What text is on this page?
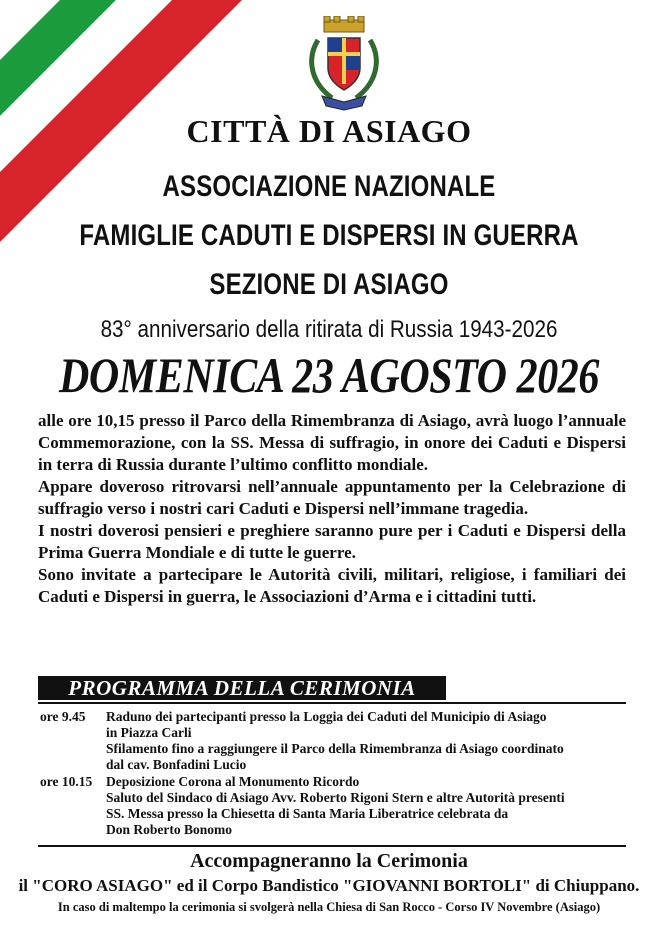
CITTÀ DI ASIAGO
ASSOCIAZIONE NAZIONALE
FAMIGLIE CADUTI E DISPERSI IN GUERRA
SEZIONE DI ASIAGO
83° anniversario della ritirata di Russia 1943-2026
DOMENICA 23 AGOSTO 2026

alle ore 10,15 presso il Parco della Rimembranza di Asiago, avrà luogo l’annuale Commemorazione, con la SS. Messa di suffragio, in onore dei Caduti e Dispersi in terra di Russia durante l’ultimo conflitto mondiale.

Appare doveroso ritrovarsi nell’annuale appuntamento per la Celebrazione di suffragio verso i nostri cari Caduti e Dispersi nell’immane tragedia.

I nostri doverosi pensieri e preghiere saranno pure per i Caduti e Dispersi della Prima Guerra Mondiale e di tutte le guerre.

Sono invitate a partecipare le Autorità civili, militari, religiose, i familiari dei Caduti e Dispersi in guerra, le Associazioni d’Arma e i cittadini tutti.

PROGRAMMA DELLA CERIMONIA
ore 9.45	Raduno dei partecipanti presso la Loggia dei Caduti del Municipio di Asiago
in Piazza Carli
Sfilamento fino a raggiungere il Parco della Rimembranza di Asiago coordinato
dal cav. Bonfadini Lucio
ore 10.15	Deposizione Corona al Monumento Ricordo
Saluto del Sindaco di Asiago Avv. Roberto Rigoni Stern e altre Autorità presenti
SS. Messa presso la Chiesetta di Santa Maria Liberatrice celebrata da
Don Roberto Bonomo
Accompagneranno la Cerimonia
il "CORO ASIAGO" ed il Corpo Bandistico "GIOVANNI BORTOLI" di Chiuppano.
In caso di maltempo la cerimonia si svolgerà nella Chiesa di San Rocco - Corso IV Novembre (Asiago)
